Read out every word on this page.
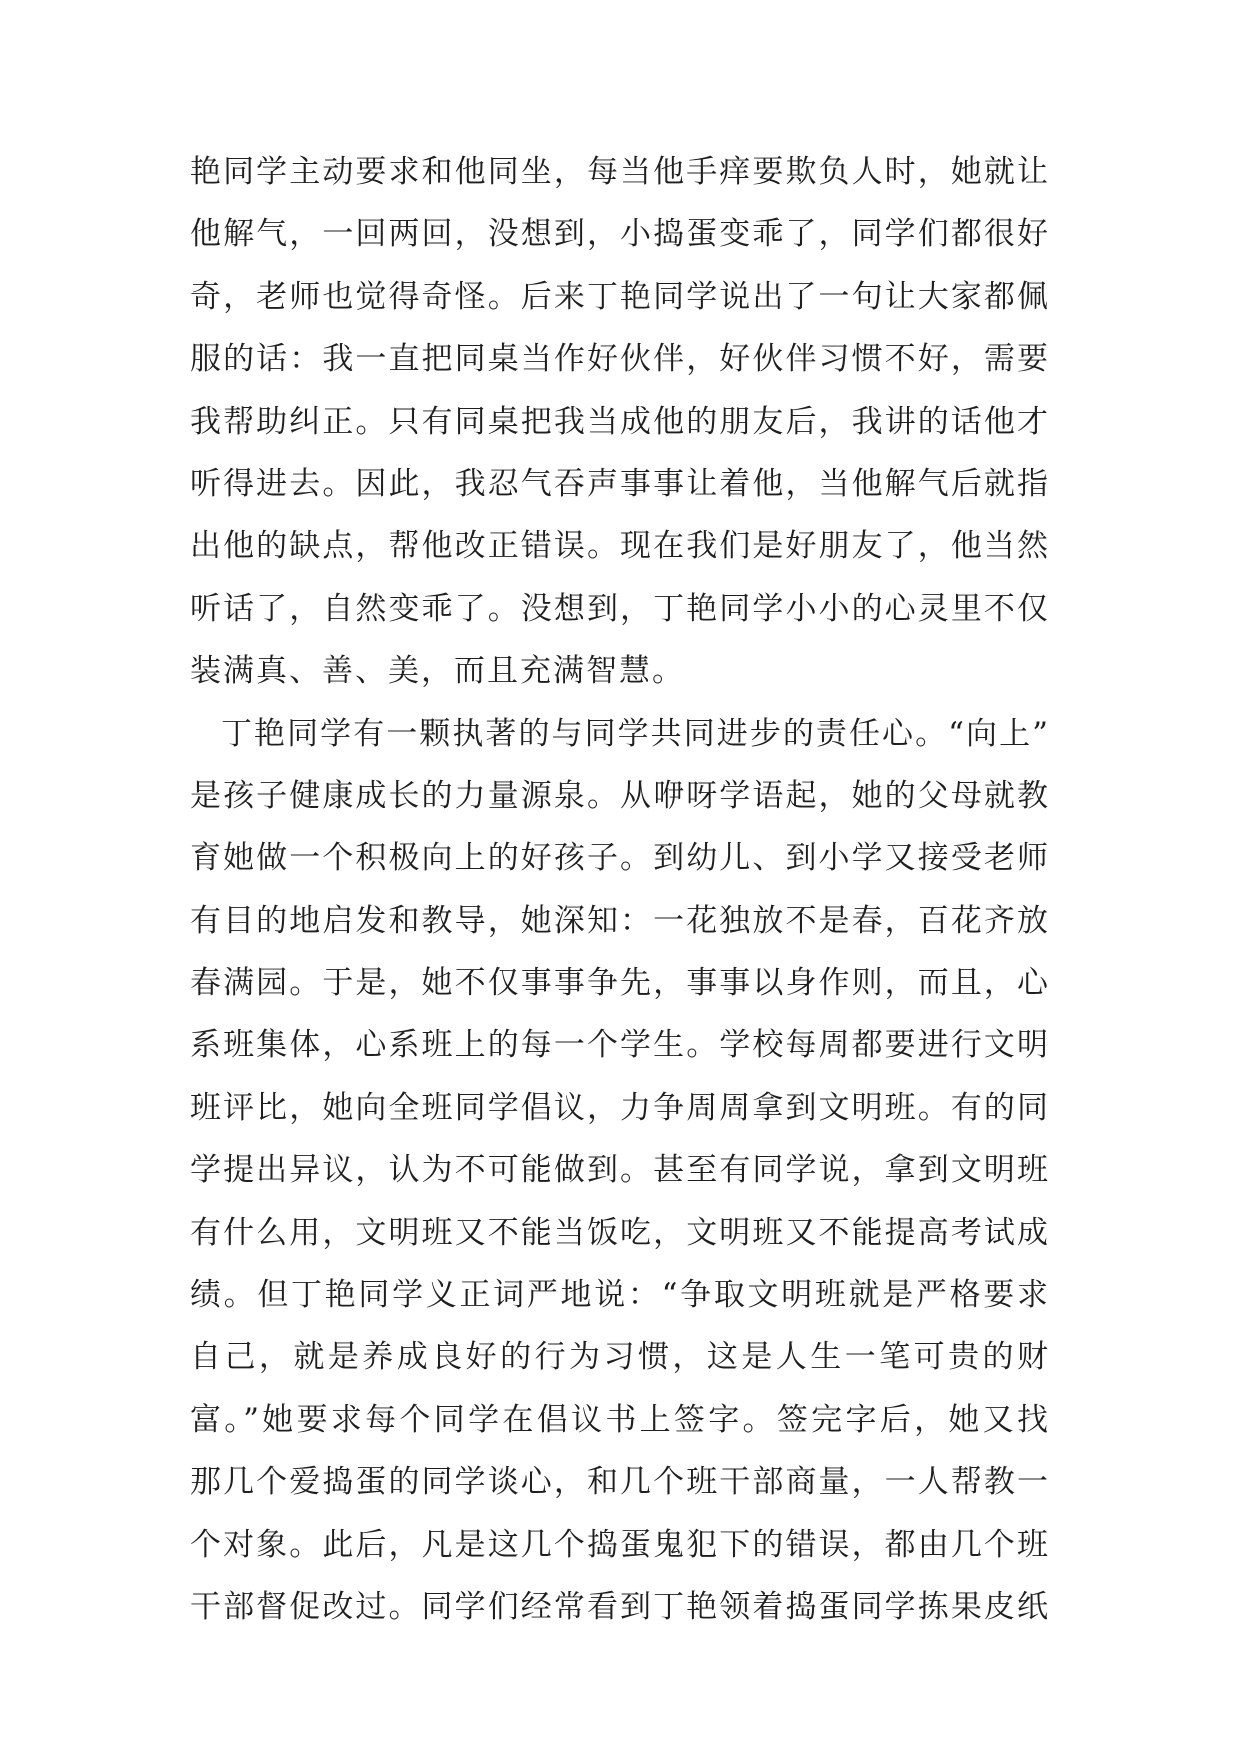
艳同学主动要求和他同坐，每当他手痒要欺负人时，她就让
他解气，一回两回，没想到，小捣蛋变乖了，同学们都很好
奇，老师也觉得奇怪。后来丁艳同学说出了一句让大家都佩
服的话：我一直把同桌当作好伙伴，好伙伴习惯不好，需要
我帮助纠正。只有同桌把我当成他的朋友后，我讲的话他才
听得进去。因此，我忍气吞声事事让着他，当他解气后就指
出他的缺点，帮他改正错误。现在我们是好朋友了，他当然
听话了，自然变乖了。没想到，丁艳同学小小的心灵里不仅
装满真、善、美，而且充满智慧。
丁艳同学有一颗执著的与同学共同进步的责任心。“向上”
是孩子健康成长的力量源泉。从咿呀学语起，她的父母就教
育她做一个积极向上的好孩子。到幼儿、到小学又接受老师
有目的地启发和教导，她深知：一花独放不是春，百花齐放
春满园。于是，她不仅事事争先，事事以身作则，而且，心
系班集体，心系班上的每一个学生。学校每周都要进行文明
班评比，她向全班同学倡议，力争周周拿到文明班。有的同
学提出异议，认为不可能做到。甚至有同学说，拿到文明班
有什么用，文明班又不能当饭吃，文明班又不能提高考试成
绩。但丁艳同学义正词严地说：“争取文明班就是严格要求
自己，就是养成良好的行为习惯，这是人生一笔可贵的财
富。”她要求每个同学在倡议书上签字。签完字后，她又找
那几个爱捣蛋的同学谈心，和几个班干部商量，一人帮教一
个对象。此后，凡是这几个捣蛋鬼犯下的错误，都由几个班
干部督促改过。同学们经常看到丁艳领着捣蛋同学拣果皮纸
